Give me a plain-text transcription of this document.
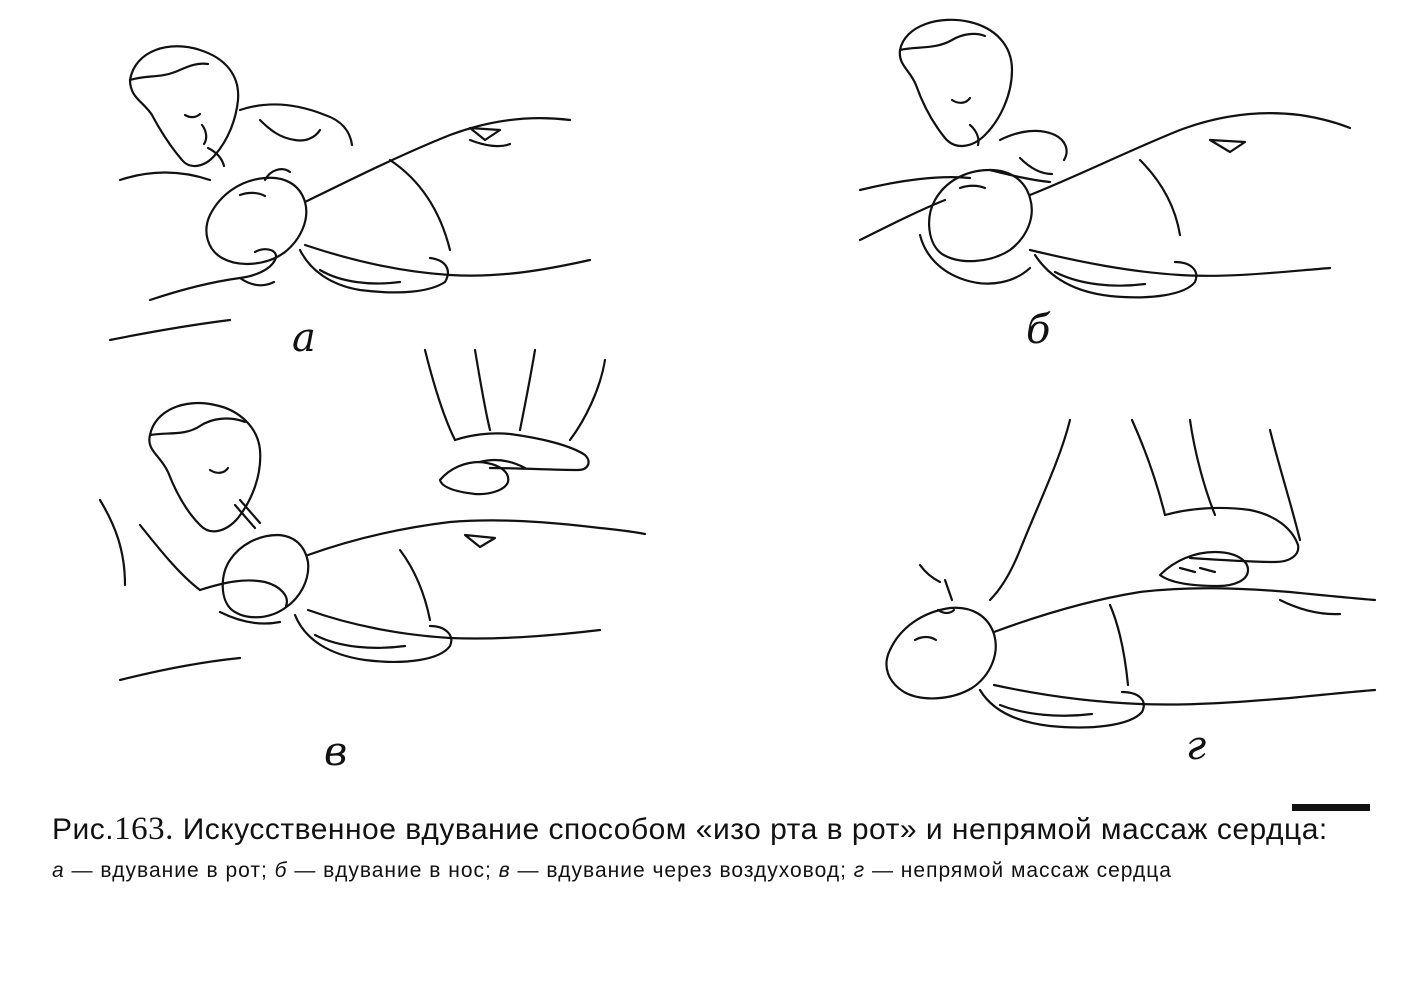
а	б
в	г

Рис.163. Искусственное вдувание способом «изо рта в рот» и непрямой массаж сердца:

а — вдувание в рот; б — вдувание в нос; в — вдувание через воздуховод; г — непрямой массаж сердца
